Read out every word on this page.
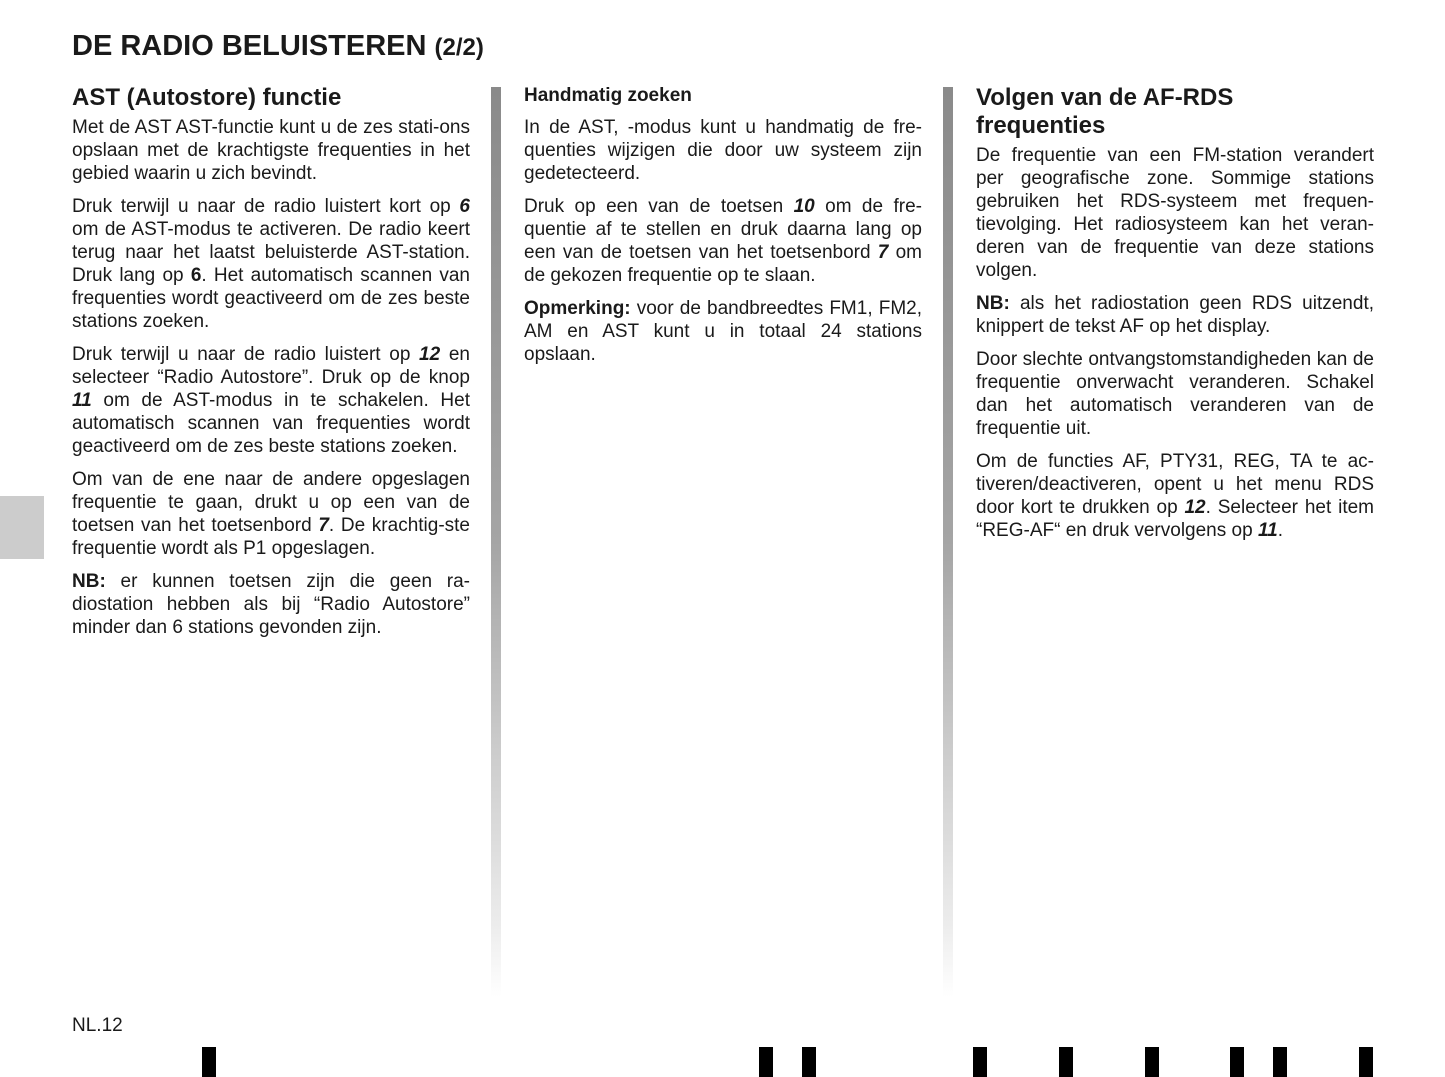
DE RADIO BELUISTEREN (2/2)
AST (Autostore) functie

Met de AST AST-functie kunt u de zes stati-ons opslaan met de krachtigste frequenties in het gebied waarin u zich bevindt.

Druk terwijl u naar de radio luistert kort op 6 om de AST-modus te activeren. De radio keert terug naar het laatst beluisterde AST-station. Druk lang op 6. Het automatisch scannen van frequenties wordt geactiveerd om de zes beste stations zoeken.

Druk terwijl u naar de radio luistert op 12 en selecteer “Radio Autostore”. Druk op de knop 11 om de AST-modus in te schakelen. Het automatisch scannen van frequenties wordt geactiveerd om de zes beste stations zoeken.

Om van de ene naar de andere opgeslagen frequentie te gaan, drukt u op een van de toetsen van het toetsenbord 7. De krachtig-ste frequentie wordt als P1 opgeslagen.

NB: er kunnen toetsen zijn die geen ra-diostation hebben als bij “Radio Autostore” minder dan 6 stations gevonden zijn.

Handmatig zoeken

In de AST, -modus kunt u handmatig de fre-quenties wijzigen die door uw systeem zijn gedetecteerd.

Druk op een van de toetsen 10 om de fre-quentie af te stellen en druk daarna lang op een van de toetsen van het toetsenbord 7 om de gekozen frequentie op te slaan.

Opmerking: voor de bandbreedtes FM1, FM2, AM en AST kunt u in totaal 24 stations opslaan.

Volgen van de AF-RDS
frequenties

De frequentie van een FM-station verandert per geografische zone. Sommige stations gebruiken het RDS-systeem met frequen-tievolging. Het radiosysteem kan het veran-deren van de frequentie van deze stations volgen.

NB: als het radiostation geen RDS uitzendt, knippert de tekst AF op het display.

Door slechte ontvangstomstandigheden kan de frequentie onverwacht veranderen. Schakel dan het automatisch veranderen van de frequentie uit.

Om de functies AF, PTY31, REG, TA te ac-tiveren/deactiveren, opent u het menu RDS door kort te drukken op 12. Selecteer het item “REG-AF“ en druk vervolgens op 11.

NL.12
